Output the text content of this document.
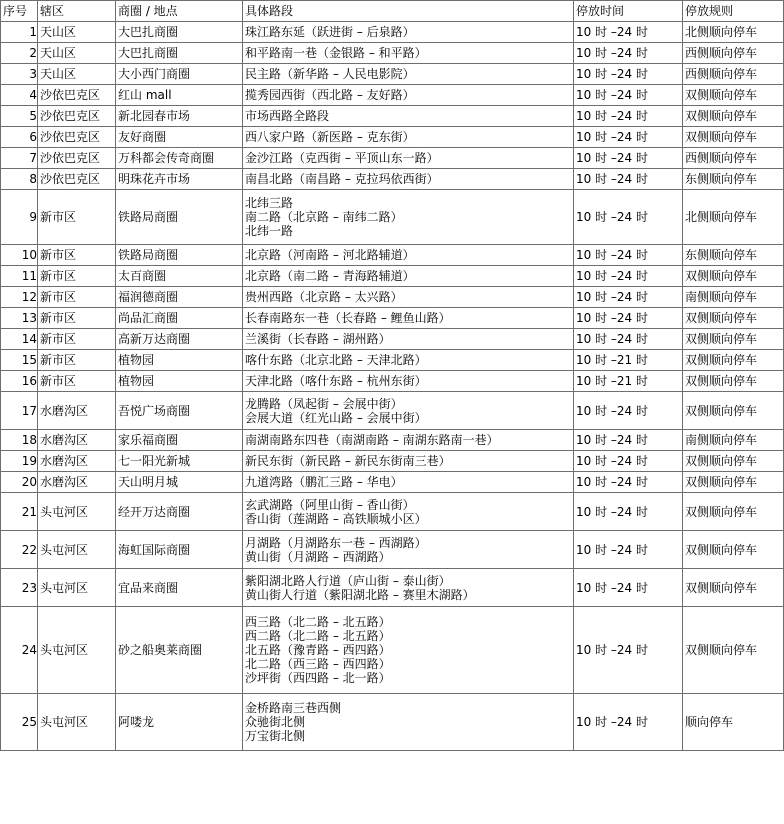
序号	辖区	商圈 / 地点	具体路段	停放时间	停放规则
1	天山区	大巴扎商圈	珠江路东延（跃进街 – 后泉路）	10 时 –24 时	北侧顺向停车
2	天山区	大巴扎商圈	和平路南一巷（金银路 – 和平路）	10 时 –24 时	西侧顺向停车
3	天山区	大小西门商圈	民主路（新华路 – 人民电影院）	10 时 –24 时	西侧顺向停车
4	沙依巴克区	红山 mall	揽秀园西街（西北路 – 友好路）	10 时 –24 时	双侧顺向停车
5	沙依巴克区	新北园春市场	市场西路全路段	10 时 –24 时	双侧顺向停车
6	沙依巴克区	友好商圈	西八家户路（新医路 – 克东街）	10 时 –24 时	双侧顺向停车
7	沙依巴克区	万科都会传奇商圈	金沙江路（克西街 – 平顶山东一路）	10 时 –24 时	西侧顺向停车
8	沙依巴克区	明珠花卉市场	南昌北路（南昌路 – 克拉玛依西街）	10 时 –24 时	东侧顺向停车
9	新市区	铁路局商圈	北纬三路
南二路（北京路 – 南纬二路）
北纬一路	10 时 –24 时	北侧顺向停车
10	新市区	铁路局商圈	北京路（河南路 – 河北路辅道）	10 时 –24 时	东侧顺向停车
11	新市区	太百商圈	北京路（南二路 – 青海路辅道）	10 时 –24 时	双侧顺向停车
12	新市区	福润德商圈	贵州西路（北京路 – 太兴路）	10 时 –24 时	南侧顺向停车
13	新市区	尚品汇商圈	长春南路东一巷（长春路 – 鲤鱼山路）	10 时 –24 时	双侧顺向停车
14	新市区	高新万达商圈	兰溪街（长春路 – 湖州路）	10 时 –24 时	双侧顺向停车
15	新市区	植物园	喀什东路（北京北路 – 天津北路）	10 时 –21 时	双侧顺向停车
16	新市区	植物园	天津北路（喀什东路 – 杭州东街）	10 时 –21 时	双侧顺向停车
17	水磨沟区	吾悦广场商圈	龙腾路（凤起街 – 会展中街）
会展大道（红光山路 – 会展中街）	10 时 –24 时	双侧顺向停车
18	水磨沟区	家乐福商圈	南湖南路东四巷（南湖南路 – 南湖东路南一巷）	10 时 –24 时	南侧顺向停车
19	水磨沟区	七一阳光新城	新民东街（新民路 – 新民东街南三巷）	10 时 –24 时	双侧顺向停车
20	水磨沟区	天山明月城	九道湾路（鹏汇三路 – 华电）	10 时 –24 时	双侧顺向停车
21	头屯河区	经开万达商圈	玄武湖路（阿里山街 – 香山街）
香山街（莲湖路 – 高铁顺城小区）	10 时 –24 时	双侧顺向停车
22	头屯河区	海虹国际商圈	月湖路（月湖路东一巷 – 西湖路）
黄山街（月湖路 – 西湖路）	10 时 –24 时	双侧顺向停车
23	头屯河区	宜品来商圈	紫阳湖北路人行道（庐山街 – 泰山街）
黄山街人行道（紫阳湖北路 – 赛里木湖路）	10 时 –24 时	双侧顺向停车
24	头屯河区	砂之船奥莱商圈	西三路（北二路 – 北五路）
西二路（北二路 – 北五路）
北五路（豫青路 – 西四路）
北二路（西三路 – 西四路）
沙坪街（西四路 – 北一路）	10 时 –24 时	双侧顺向停车
25	头屯河区	阿喽龙	金桥路南三巷西侧
众驰街北侧
万宝街北侧	10 时 –24 时	顺向停车
